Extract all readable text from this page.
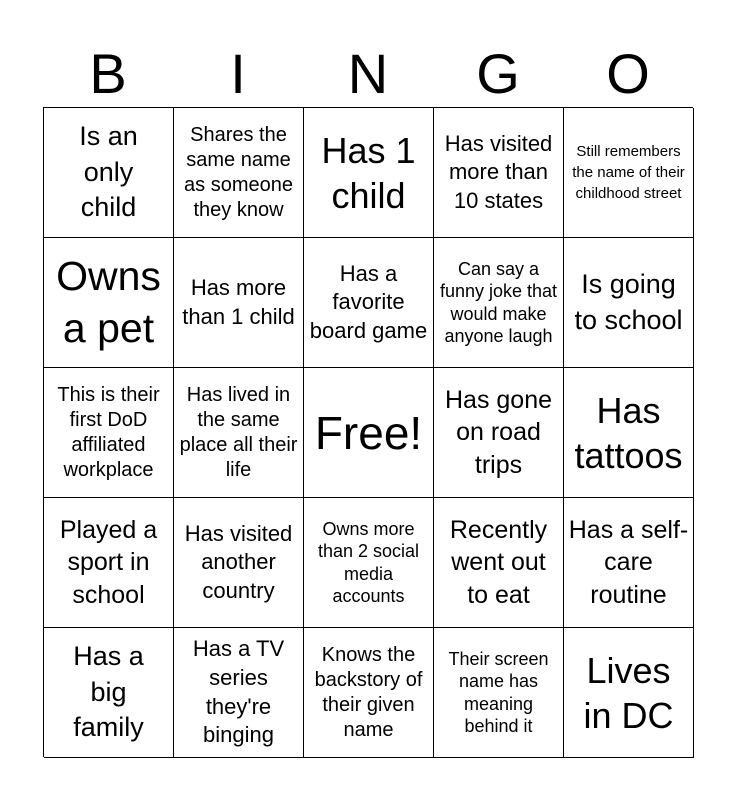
B	I	N	G	O
Is an only child
Shares the same name as someone they know
Has 1 child
Has visited more than 10 states
Still remembers the name of their childhood street
Owns a pet
Has more than 1 child
Has a favorite board game
Can say a funny joke that would make anyone laugh
Is going to school
This is their first DoD affiliated workplace
Has lived in the same place all their life
Free!
Has gone on road trips
Has tattoos
Played a sport in school
Has visited another country
Owns more than 2 social media accounts
Recently went out to eat
Has a self-care routine
Has a big family
Has a TV series they're binging
Knows the backstory of their given name
Their screen name has meaning behind it
Lives in DC
